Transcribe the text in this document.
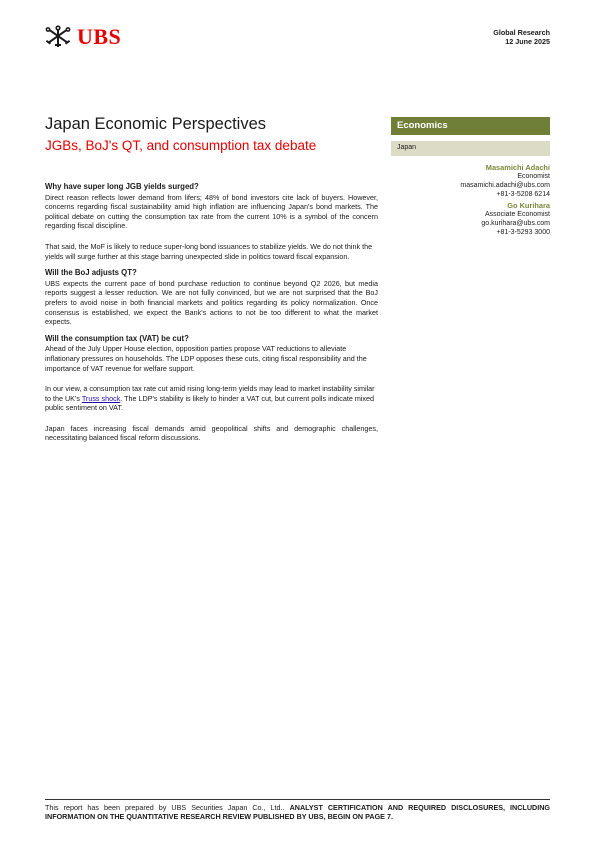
UBS	Global Research
12 June 2025
Japan Economic Perspectives
JGBs, BoJ's QT, and consumption tax debate
Economics
Japan
Masamichi Adachi
Economist
masamichi.adachi@ubs.com
+81-3-5208 6214
Go Kurihara
Associate Economist
go.kurihara@ubs.com
+81-3-5293 3000
Why have super long JGB yields surged?

Direct reason reflects lower demand from lifers; 48% of bond investors cite lack of buyers. However, concerns regarding fiscal sustainability amid high inflation are influencing Japan's bond markets. The political debate on cutting the consumption tax rate from the current 10% is a symbol of the concern regarding fiscal discipline.

That said, the MoF is likely to reduce super-long bond issuances to stabilize yields. We do not think the yields will surge further at this stage barring unexpected slide in politics toward fiscal expansion.

Will the BoJ adjusts QT?

UBS expects the current pace of bond purchase reduction to continue beyond Q2 2026, but media reports suggest a lesser reduction. We are not fully convinced, but we are not surprised that the BoJ prefers to avoid noise in both financial markets and politics regarding its policy normalization. Once consensus is established, we expect the Bank's actions to not be too different to what the market expects.

Will the consumption tax (VAT) be cut?

Ahead of the July Upper House election, opposition parties propose VAT reductions to alleviate inflationary pressures on households. The LDP opposes these cuts, citing fiscal responsibility and the importance of VAT revenue for welfare support.

In our view, a consumption tax rate cut amid rising long-term yields may lead to market instability similar to the UK's Truss shock. The LDP's stability is likely to hinder a VAT cut, but current polls indicate mixed public sentiment on VAT.

Japan faces increasing fiscal demands amid geopolitical shifts and demographic challenges, necessitating balanced fiscal reform discussions.

This report has been prepared by UBS Securities Japan Co., Ltd.. ANALYST CERTIFICATION AND REQUIRED DISCLOSURES, INCLUDING INFORMATION ON THE QUANTITATIVE RESEARCH REVIEW PUBLISHED BY UBS, BEGIN ON PAGE 7.
